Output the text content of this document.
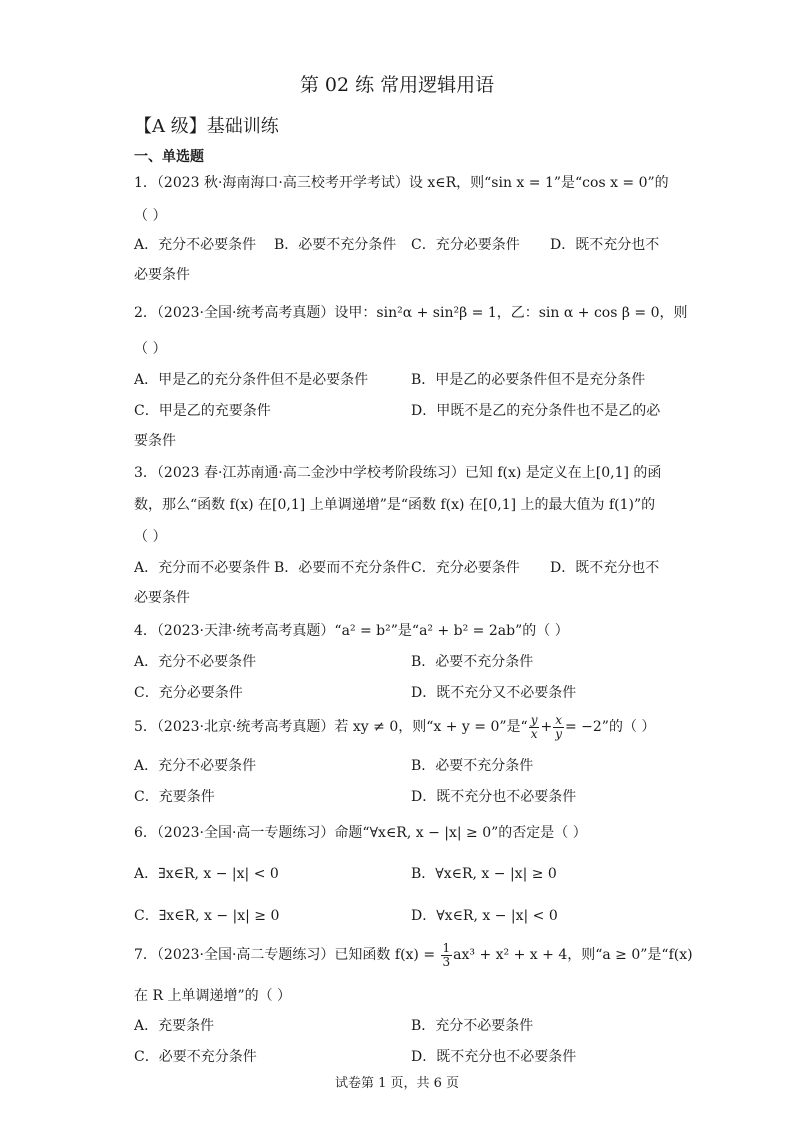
第 02 练 常用逻辑用语
【A 级】基础训练
一、单选题
1．（2023 秋·海南海口·高三校考开学考试）设 x∈R，则“sin x = 1”是“cos x = 0”的
（ ）
A．充分不必要条件 B．必要不充分条件 C．充分必要条件 D．既不充分也不
必要条件
2．（2023·全国·统考高考真题）设甲：sin²α + sin²β = 1，乙：sin α + cos β = 0，则
（ ）
A．甲是乙的充分条件但不是必要条件	B．甲是乙的必要条件但不是充分条件
C．甲是乙的充要条件	D．甲既不是乙的充分条件也不是乙的必
要条件
3．（2023 春·江苏南通·高二金沙中学校考阶段练习）已知 f(x) 是定义在上[0,1] 的函
数，那么“函数 f(x) 在[0,1] 上单调递增”是“函数 f(x) 在[0,1] 上的最大值为 f(1)”的
（ ）
A．充分而不必要条件 B．必要而不充分条件 C．充分必要条件 D．既不充分也不
必要条件
4．（2023·天津·统考高考真题）“a² = b²”是“a² + b² = 2ab”的（ ）
A．充分不必要条件	B．必要不充分条件
C．充分必要条件	D．既不充分又不必要条件
5．（2023·北京·统考高考真题）若 xy ≠ 0，则“x + y = 0”是“ $\frac{y}{x} + \frac{x}{y} = -2$”的（ ）
A．充分不必要条件	B．必要不充分条件
C．充要条件	D．既不充分也不必要条件
6．（2023·全国·高一专题练习）命题“∀x∈R, x − |x| ≥ 0”的否定是（ ）
A．∃x∈R, x − |x| < 0	B．∀x∈R, x − |x| ≥ 0
C．∃x∈R, x − |x| ≥ 0	D．∀x∈R, x − |x| < 0
7．（2023·全国·高二专题练习）已知函数 $f(x) = \frac{1}{3} ax^3 + x^2 + x + 4$，则“a ≥ 0”是“f(x)
在 R 上单调递增”的（ ）
A．充要条件	B．充分不必要条件
C．必要不充分条件	D．既不充分也不必要条件
试卷第 1 页，共 6 页
